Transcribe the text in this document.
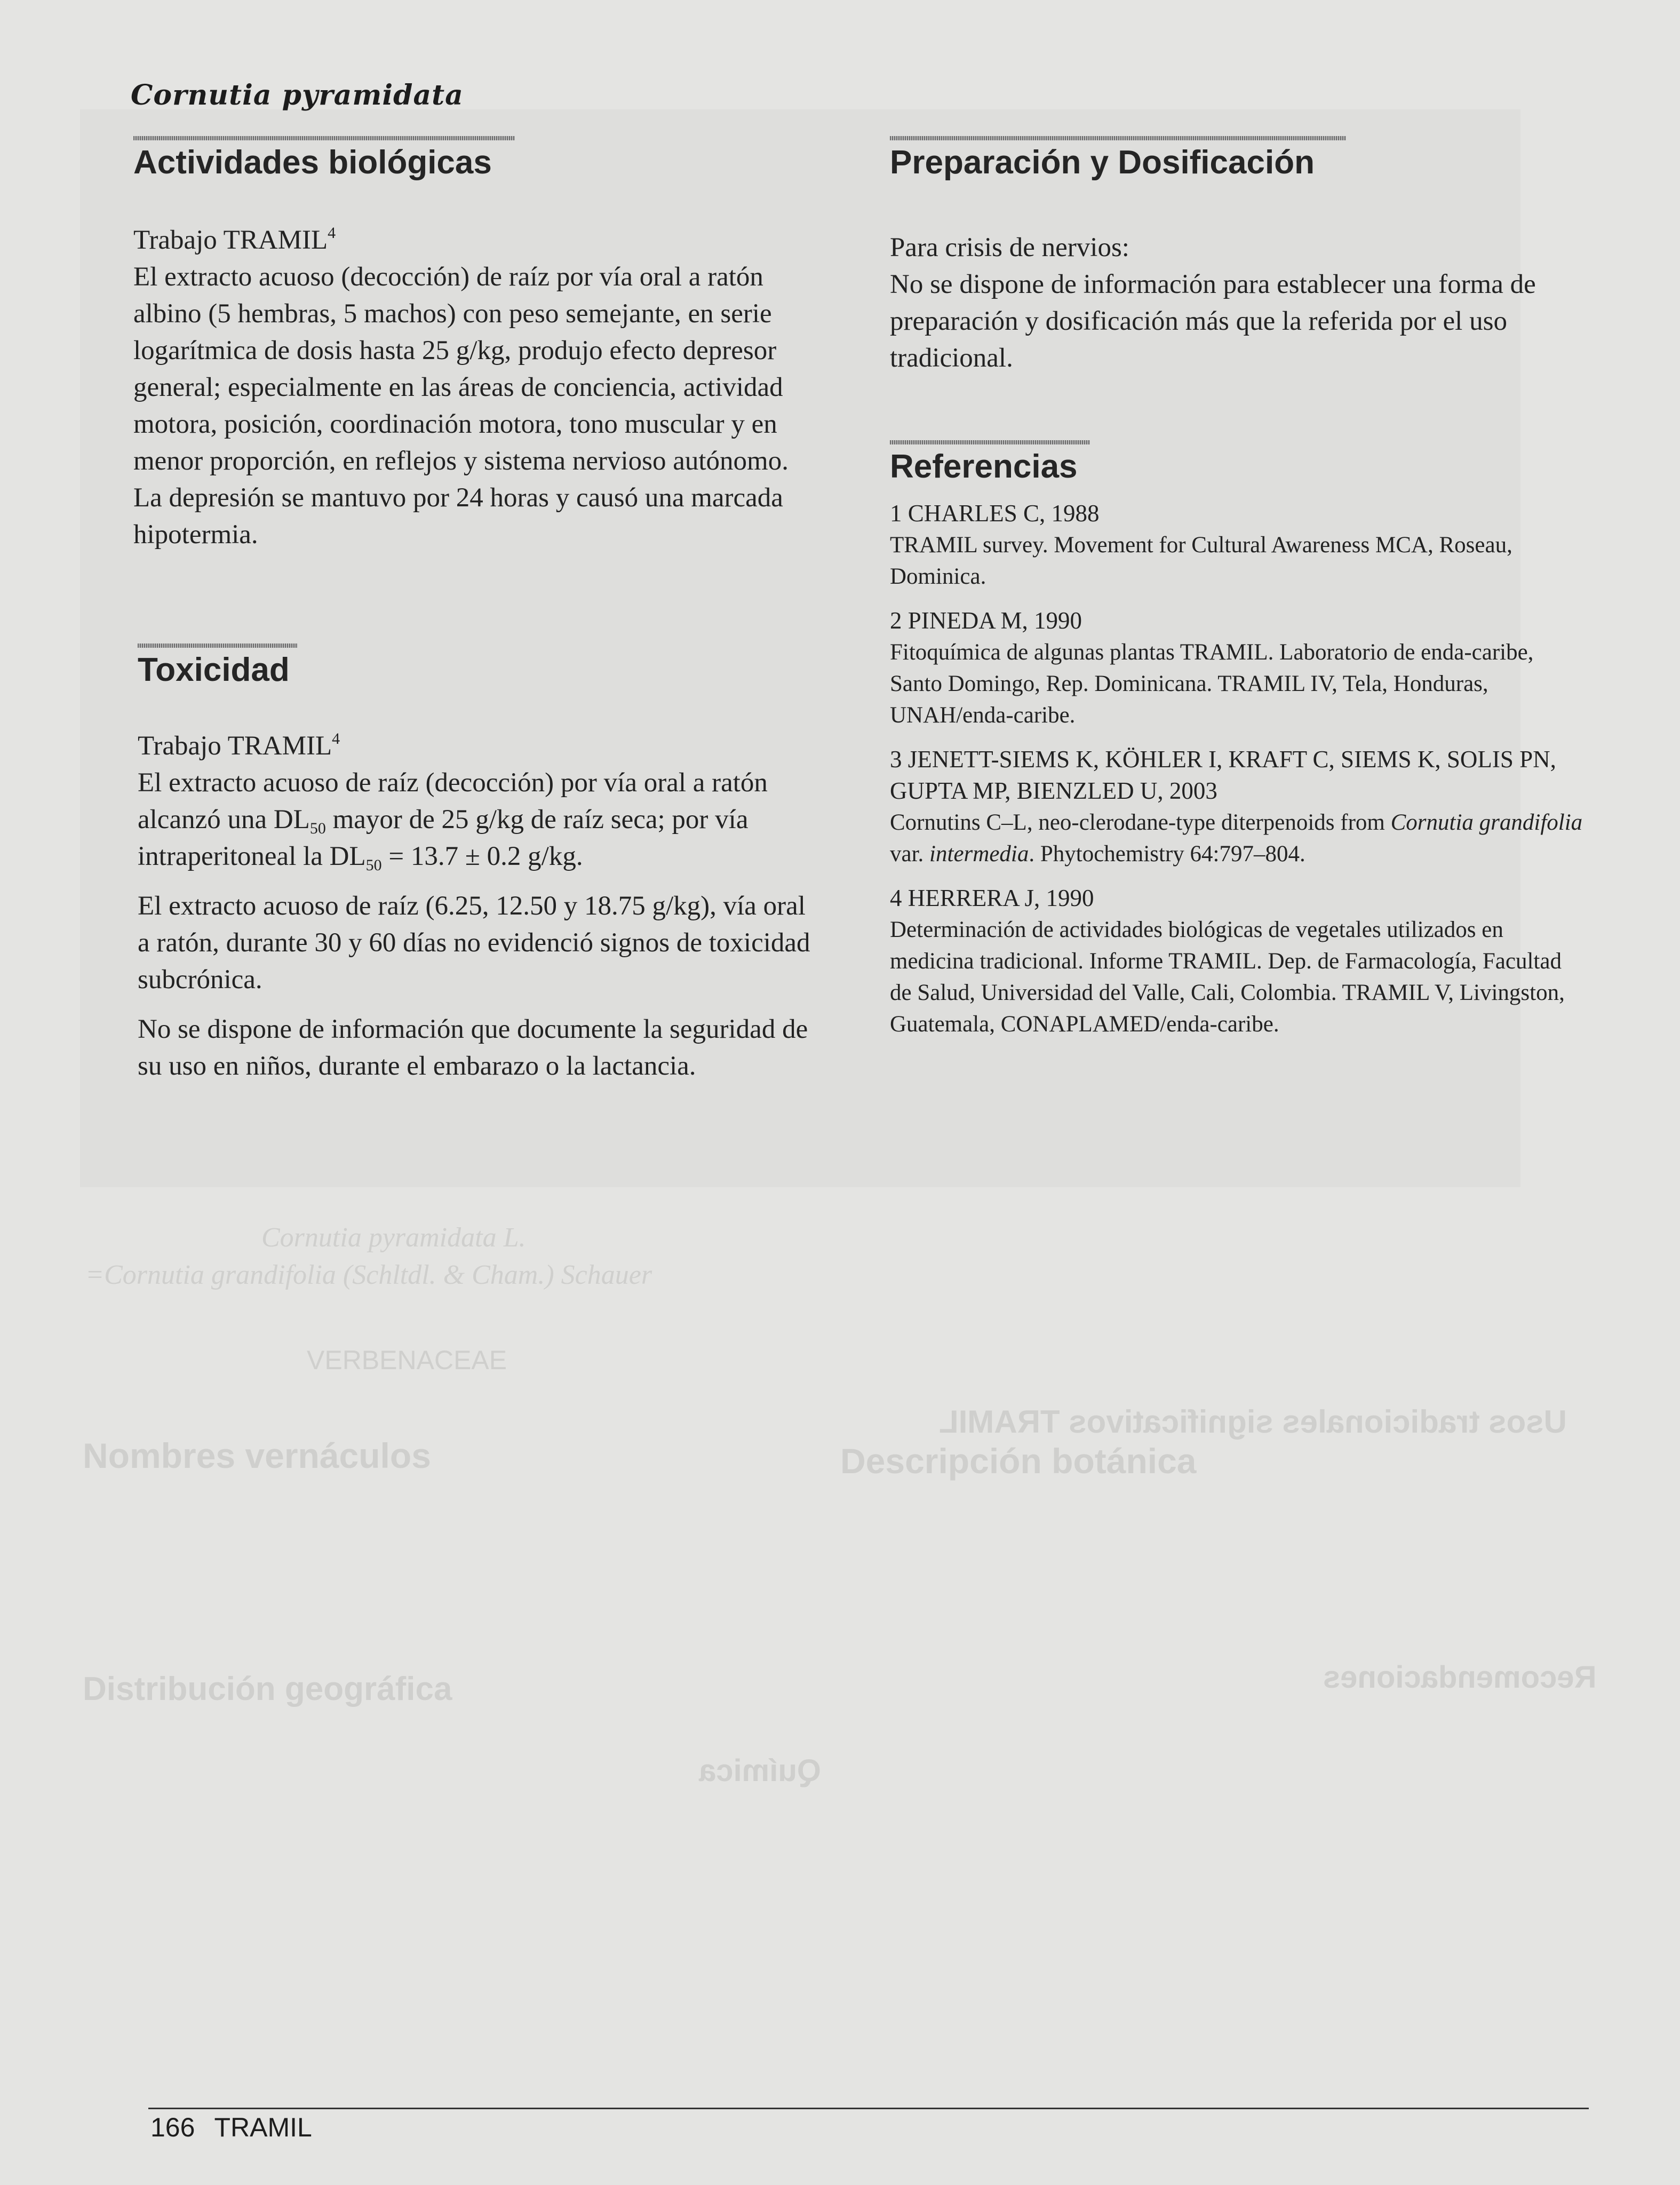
Cornutia pyramidata L.

=Cornutia grandifolia (Schltdl. & Cham.) Schauer

VERBENACEAE

Nombres vernáculos	Descripción botánica

Usos tradicionales significativos TRAMIL

Distribución geográfica	Recomendaciones

Química

Cornutia pyramidata

Actividades biológicas

Trabajo TRAMIL$^4$

El extracto acuoso (decocción) de raíz por vía oral a ratón albino (5 hembras, 5 machos) con peso semejante, en serie logarítmica de dosis hasta 25 g/kg, produjo efecto depresor general; especialmente en las áreas de conciencia, actividad motora, posición, coordinación motora, tono muscular y en menor proporción, en reflejos y sistema nervioso autónomo. La depresión se mantuvo por 24 horas y causó una marcada hipotermia.

Toxicidad

Trabajo TRAMIL$^4$

El extracto acuoso de raíz (decocción) por vía oral a ratón alcanzó una $DL_{50}$ mayor de 25 g/kg de raíz seca; por vía intraperitoneal la $DL_{50} = 13.7 \pm 0.2$ g/kg.

El extracto acuoso de raíz (6.25, 12.50 y 18.75 g/kg), vía oral a ratón, durante 30 y 60 días no evidenció signos de toxicidad subcrónica.

No se dispone de información que documente la seguridad de su uso en niños, durante el embarazo o la lactancia.

Preparación y Dosificación

Para crisis de nervios:

No se dispone de información para establecer una forma de preparación y dosificación más que la referida por el uso tradicional.

Referencias
1 CHARLES C, 1988
TRAMIL survey. Movement for Cultural Awareness MCA, Roseau, Dominica.
2 PINEDA M, 1990
Fitoquímica de algunas plantas TRAMIL. Laboratorio de enda-caribe, Santo Domingo, Rep. Dominicana. TRAMIL IV, Tela, Honduras, UNAH/enda-caribe.
3 JENETT-SIEMS K, KÖHLER I, KRAFT C, SIEMS K, SOLIS PN, GUPTA MP, BIENZLED U, 2003
Cornutins C–L, neo-clerodane-type diterpenoids from Cornutia grandifolia var. intermedia. Phytochemistry 64:797–804.
4 HERRERA J, 1990
Determinación de actividades biológicas de vegetales utilizados en medicina tradicional. Informe TRAMIL. Dep. de Farmacología, Facultad de Salud, Universidad del Valle, Cali, Colombia. TRAMIL V, Livingston, Guatemala, CONAPLAMED/enda-caribe.
166 TRAMIL
